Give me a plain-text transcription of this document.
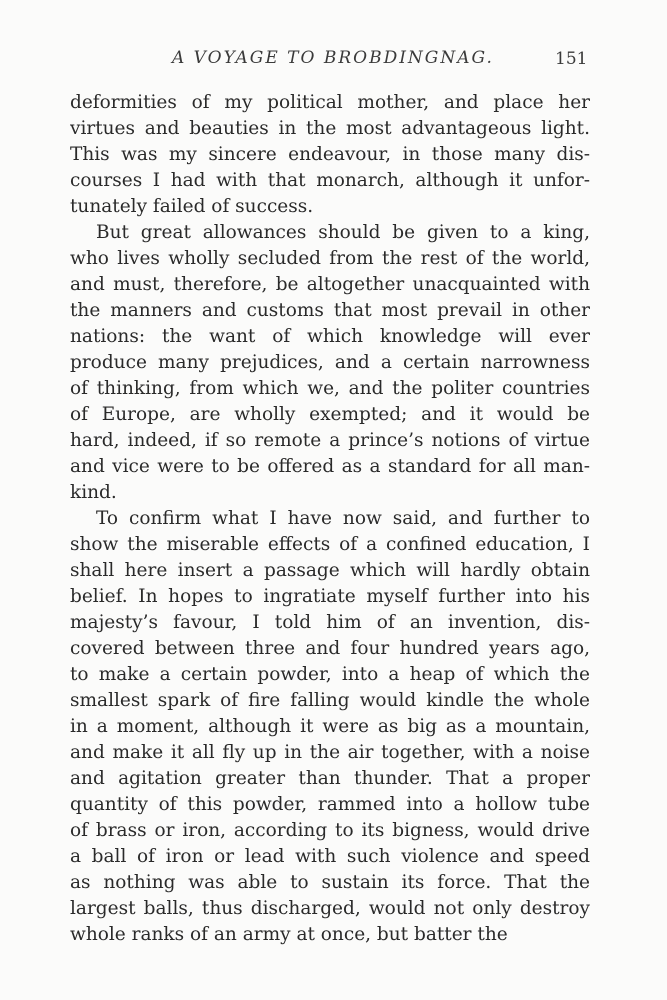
A VOYAGE TO BROBDINGNAG.	151
deformities of my political mother, and place her
virtues and beauties in the most advantageous light.
This was my sincere endeavour, in those many dis-
courses I had with that monarch, although it unfor-
tunately failed of success.
But great allowances should be given to a king,
who lives wholly secluded from the rest of the world,
and must, therefore, be altogether unacquainted with
the manners and customs that most prevail in other
nations: the want of which knowledge will ever
produce many prejudices, and a certain narrowness
of thinking, from which we, and the politer countries
of Europe, are wholly exempted; and it would be
hard, indeed, if so remote a prince’s notions of virtue
and vice were to be offered as a standard for all man-
kind.
To confirm what I have now said, and further to
show the miserable effects of a confined education, I
shall here insert a passage which will hardly obtain
belief. In hopes to ingratiate myself further into his
majesty’s favour, I told him of an invention, dis-
covered between three and four hundred years ago,
to make a certain powder, into a heap of which the
smallest spark of fire falling would kindle the whole
in a moment, although it were as big as a mountain,
and make it all fly up in the air together, with a noise
and agitation greater than thunder. That a proper
quantity of this powder, rammed into a hollow tube
of brass or iron, according to its bigness, would drive
a ball of iron or lead with such violence and speed
as nothing was able to sustain its force. That the
largest balls, thus discharged, would not only destroy
whole ranks of an army at once, but batter the
